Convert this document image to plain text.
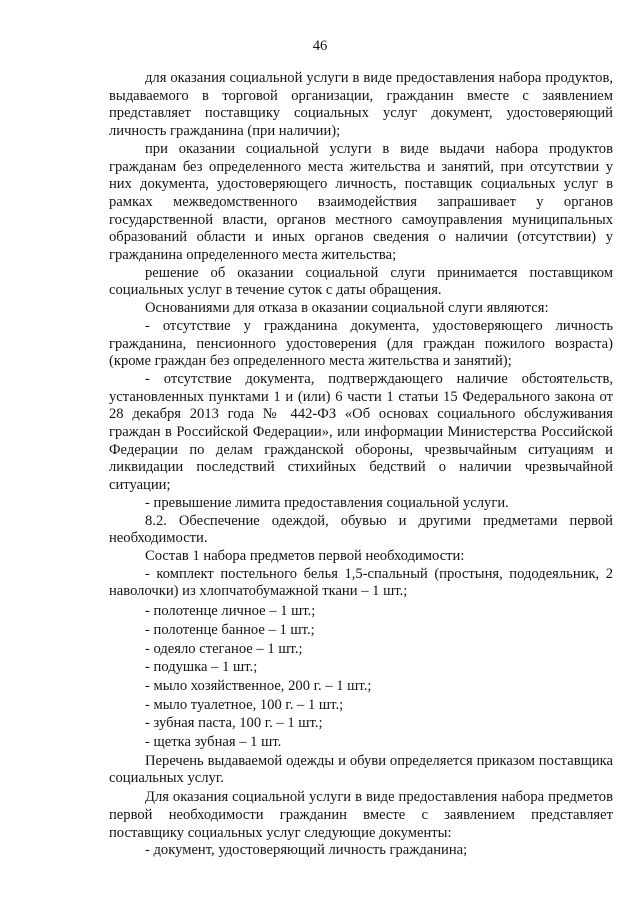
46

для оказания социальной услуги в виде предоставления набора продуктов, выдаваемого в торговой организации, гражданин вместе с заявлением представляет поставщику социальных услуг документ, удостоверяющий личность гражданина (при наличии);

при оказании социальной услуги в виде выдачи набора продуктов гражданам без определенного места жительства и занятий, при отсутствии у них документа, удостоверяющего личность, поставщик социальных услуг в рамках межведомственного взаимодействия запрашивает у органов государственной власти, органов местного самоуправления муниципальных образований области и иных органов сведения о наличии (отсутствии) у гражданина определенного места жительства;

решение об оказании социальной слуги принимается поставщиком социальных услуг в течение суток с даты обращения.

Основаниями для отказа в оказании социальной слуги являются:

- отсутствие у гражданина документа, удостоверяющего личность гражданина, пенсионного удостоверения (для граждан пожилого возраста) (кроме граждан без определенного места жительства и занятий);

- отсутствие документа, подтверждающего наличие обстоятельств, установленных пунктами 1 и (или) 6 части 1 статьи 15 Федерального закона от 28 декабря 2013 года № 442-ФЗ «Об основах социального обслуживания граждан в Российской Федерации», или информации Министерства Российской Федерации по делам гражданской обороны, чрезвычайным ситуациям и ликвидации последствий стихийных бедствий о наличии чрезвычайной ситуации;

- превышение лимита предоставления социальной услуги.

8.2. Обеспечение одеждой, обувью и другими предметами первой необходимости.

Состав 1 набора предметов первой необходимости:

- комплект постельного белья 1,5-спальный (простыня, пододеяльник, 2 наволочки) из хлопчатобумажной ткани – 1 шт.;

- полотенце личное – 1 шт.;

- полотенце банное – 1 шт.;

- одеяло стеганое – 1 шт.;

- подушка – 1 шт.;

- мыло хозяйственное, 200 г. – 1 шт.;

- мыло туалетное, 100 г. – 1 шт.;

- зубная паста, 100 г. – 1 шт.;

- щетка зубная – 1 шт.

Перечень выдаваемой одежды и обуви определяется приказом поставщика социальных услуг.

Для оказания социальной услуги в виде предоставления набора предметов первой необходимости гражданин вместе с заявлением представляет поставщику социальных услуг следующие документы:

- документ, удостоверяющий личность гражданина;
